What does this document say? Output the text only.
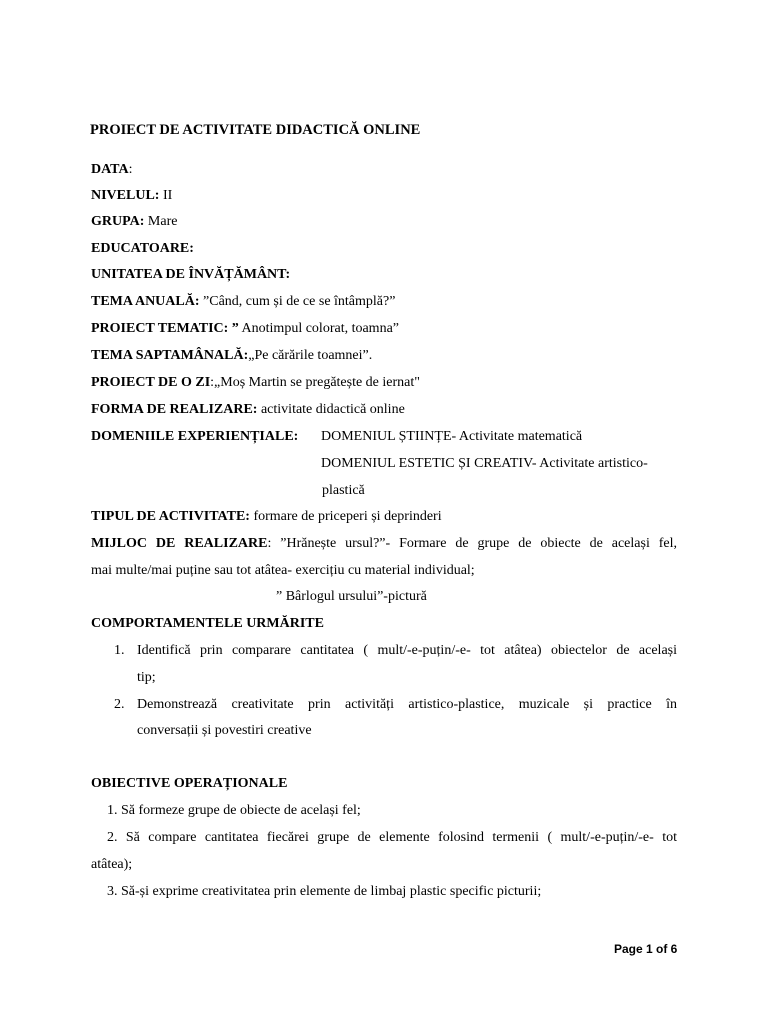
PROIECT DE ACTIVITATE DIDACTICĂ ONLINE
DATA:
NIVELUL: II
GRUPA: Mare
EDUCATOARE:
UNITATEA DE ÎNVĂȚĂMÂNT:
TEMA ANUALĂ: ”Când, cum și de ce se întâmplă?”
PROIECT TEMATIC: ” Anotimpul colorat, toamna”
TEMA SAPTAMÂNALĂ:„Pe cărările toamnei”.
PROIECT DE O ZI:„Moș Martin se pregătește de iernat"
FORMA DE REALIZARE: activitate didactică online
DOMENIILE EXPERIENȚIALE: DOMENIUL ȘTIINȚE- Activitate matematică
DOMENIUL ESTETIC ȘI CREATIV- Activitate artistico-
plastică
TIPUL DE ACTIVITATE: formare de priceperi și deprinderi
MIJLOC DE REALIZARE: ”Hrănește ursul?”- Formare de grupe de obiecte de același fel,
mai multe/mai puține sau tot atâtea- exercițiu cu material individual;
” Bârlogul ursului”-pictură
COMPORTAMENTELE URMĂRITE
1. Identifică prin comparare cantitatea ( mult/-e-puțin/-e- tot atâtea) obiectelor de același
tip;
2. Demonstrează creativitate prin activități artistico-plastice, muzicale și practice în
conversații și povestiri creative
OBIECTIVE OPERAȚIONALE
1. Să formeze grupe de obiecte de același fel;
2. Să compare cantitatea fiecărei grupe de elemente folosind termenii ( mult/-e-puțin/-e- tot
atâtea);
3. Să-și exprime creativitatea prin elemente de limbaj plastic specific picturii;
Page 1 of 6
